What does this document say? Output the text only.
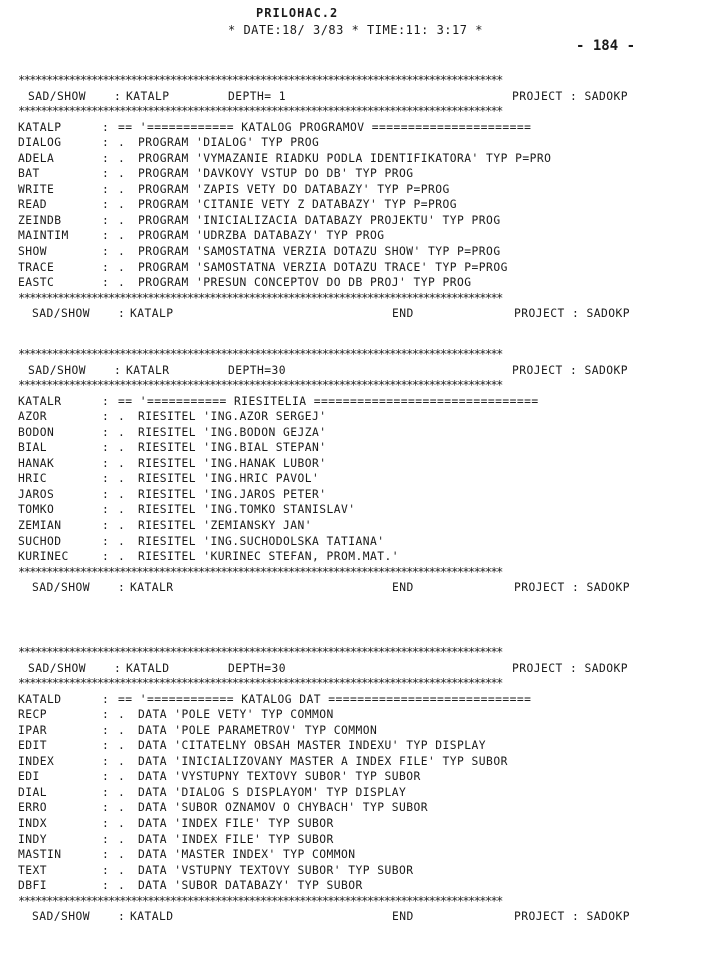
PRILOHAC.2
* DATE:18/ 3/83 * TIME:11: 3:17 *
- 184 -
**************************************************************************************
SAD/SHOW : KATALP	DEPTH= 1	PROJECT : SADOKP
**************************************************************************************
KATALP	: == '============ KATALOG PROGRAMOV ======================
DIALOG	: . PROGRAM 'DIALOG' TYP PROG
ADELA	: . PROGRAM 'VYMAZANIE RIADKU PODLA IDENTIFIKATORA' TYP P=PRO
BAT	: . PROGRAM 'DAVKOVY VSTUP DO DB' TYP PROG
WRITE	: . PROGRAM 'ZAPIS VETY DO DATABAZY' TYP P=PROG
READ	: . PROGRAM 'CITANIE VETY Z DATABAZY' TYP P=PROG
ZEINDB	: . PROGRAM 'INICIALIZACIA DATABAZY PROJEKTU' TYP PROG
MAINTIM	: . PROGRAM 'UDRZBA DATABAZY' TYP PROG
SHOW	: . PROGRAM 'SAMOSTATNA VERZIA DOTAZU SHOW' TYP P=PROG
TRACE	: . PROGRAM 'SAMOSTATNA VERZIA DOTAZU TRACE' TYP P=PROG
EASTC	: . PROGRAM 'PRESUN CONCEPTOV DO DB PROJ' TYP PROG
**************************************************************************************
SAD/SHOW : KATALP	END	PROJECT : SADOKP
**************************************************************************************
SAD/SHOW : KATALR	DEPTH=30	PROJECT : SADOKP
**************************************************************************************
KATALR	: == '=========== RIESITELIA ===============================
AZOR	: . RIESITEL 'ING.AZOR SERGEJ'
BODON	: . RIESITEL 'ING.BODON GEJZA'
BIAL	: . RIESITEL 'ING.BIAL STEPAN'
HANAK	: . RIESITEL 'ING.HANAK LUBOR'
HRIC	: . RIESITEL 'ING.HRIC PAVOL'
JAROS	: . RIESITEL 'ING.JAROS PETER'
TOMKO	: . RIESITEL 'ING.TOMKO STANISLAV'
ZEMIAN	: . RIESITEL 'ZEMIANSKY JAN'
SUCHOD	: . RIESITEL 'ING.SUCHODOLSKA TATIANA'
KURINEC	: . RIESITEL 'KURINEC STEFAN, PROM.MAT.'
**************************************************************************************
SAD/SHOW : KATALR	END	PROJECT : SADOKP
**************************************************************************************
SAD/SHOW : KATALD	DEPTH=30	PROJECT : SADOKP
**************************************************************************************
KATALD	: == '============ KATALOG DAT ============================
RECP	: . DATA 'POLE VETY' TYP COMMON
IPAR	: . DATA 'POLE PARAMETROV' TYP COMMON
EDIT	: . DATA 'CITATELNY OBSAH MASTER INDEXU' TYP DISPLAY
INDEX	: . DATA 'INICIALIZOVANY MASTER A INDEX FILE' TYP SUBOR
EDI	: . DATA 'VYSTUPNY TEXTOVY SUBOR' TYP SUBOR
DIAL	: . DATA 'DIALOG S DISPLAYOM' TYP DISPLAY
ERRO	: . DATA 'SUBOR OZNAMOV O CHYBACH' TYP SUBOR
INDX	: . DATA 'INDEX FILE' TYP SUBOR
INDY	: . DATA 'INDEX FILE' TYP SUBOR
MASTIN	: . DATA 'MASTER INDEX' TYP COMMON
TEXT	: . DATA 'VSTUPNY TEXTOVY SUBOR' TYP SUBOR
DBFI	: . DATA 'SUBOR DATABAZY' TYP SUBOR
**************************************************************************************
SAD/SHOW : KATALD	END	PROJECT : SADOKP
